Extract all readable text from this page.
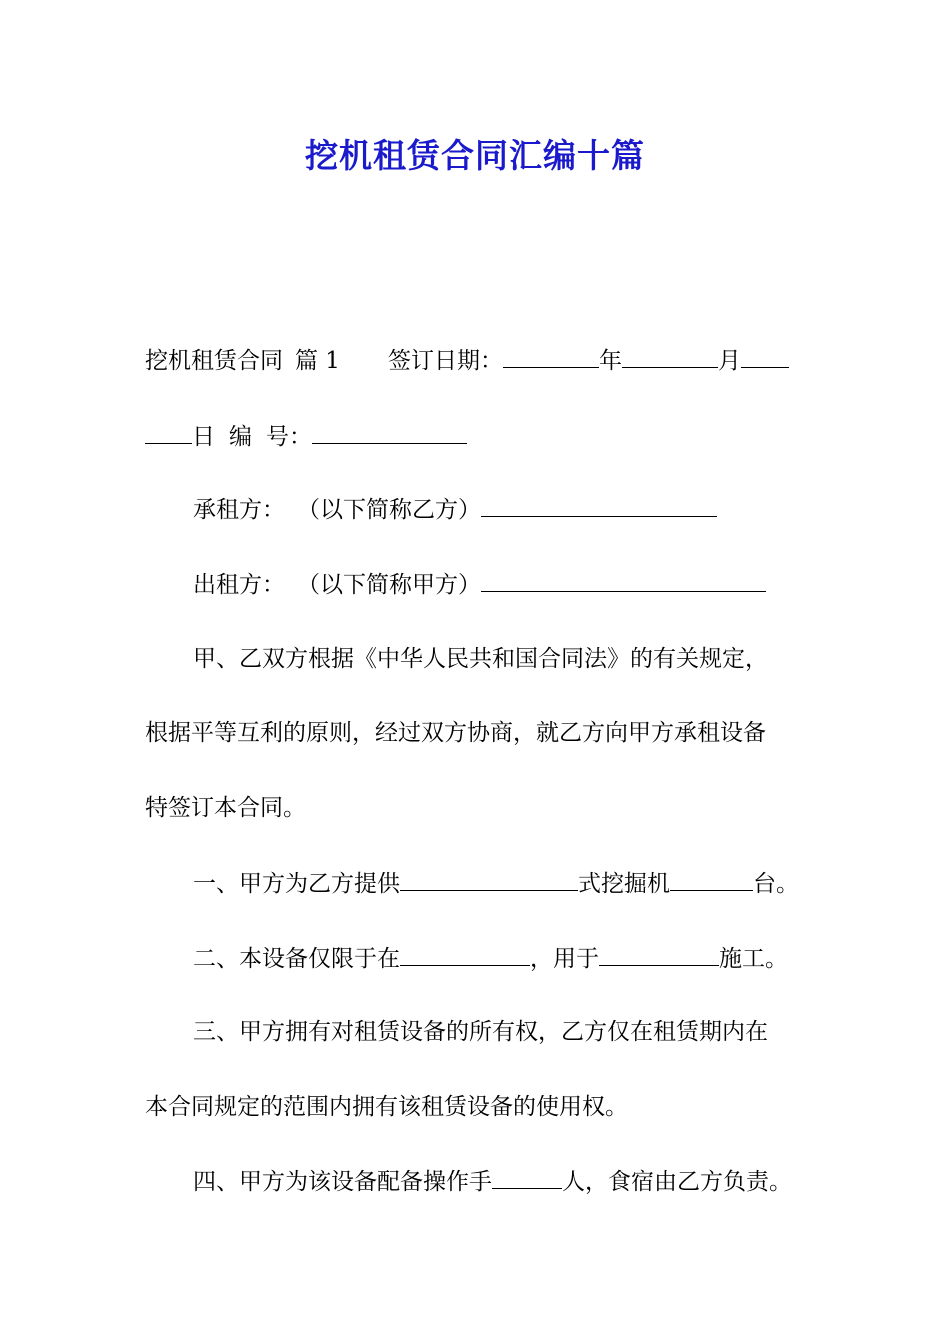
挖机租赁合同汇编十篇
挖机租赁合同 篇 1 签订日期：	年	月
日 编 号：
承租方： （以下简称乙方）
出租方： （以下简称甲方）
甲、乙双方根据《中华人民共和国合同法》的有关规定，
根据平等互利的原则，经过双方协商，就乙方向甲方承租设备
特签订本合同。
一、甲方为乙方提供	式挖掘机	台。
二、本设备仅限于在	，用于	施工。
三、甲方拥有对租赁设备的所有权，乙方仅在租赁期内在
本合同规定的范围内拥有该租赁设备的使用权。
四、甲方为该设备配备操作手	人，食宿由乙方负责。
